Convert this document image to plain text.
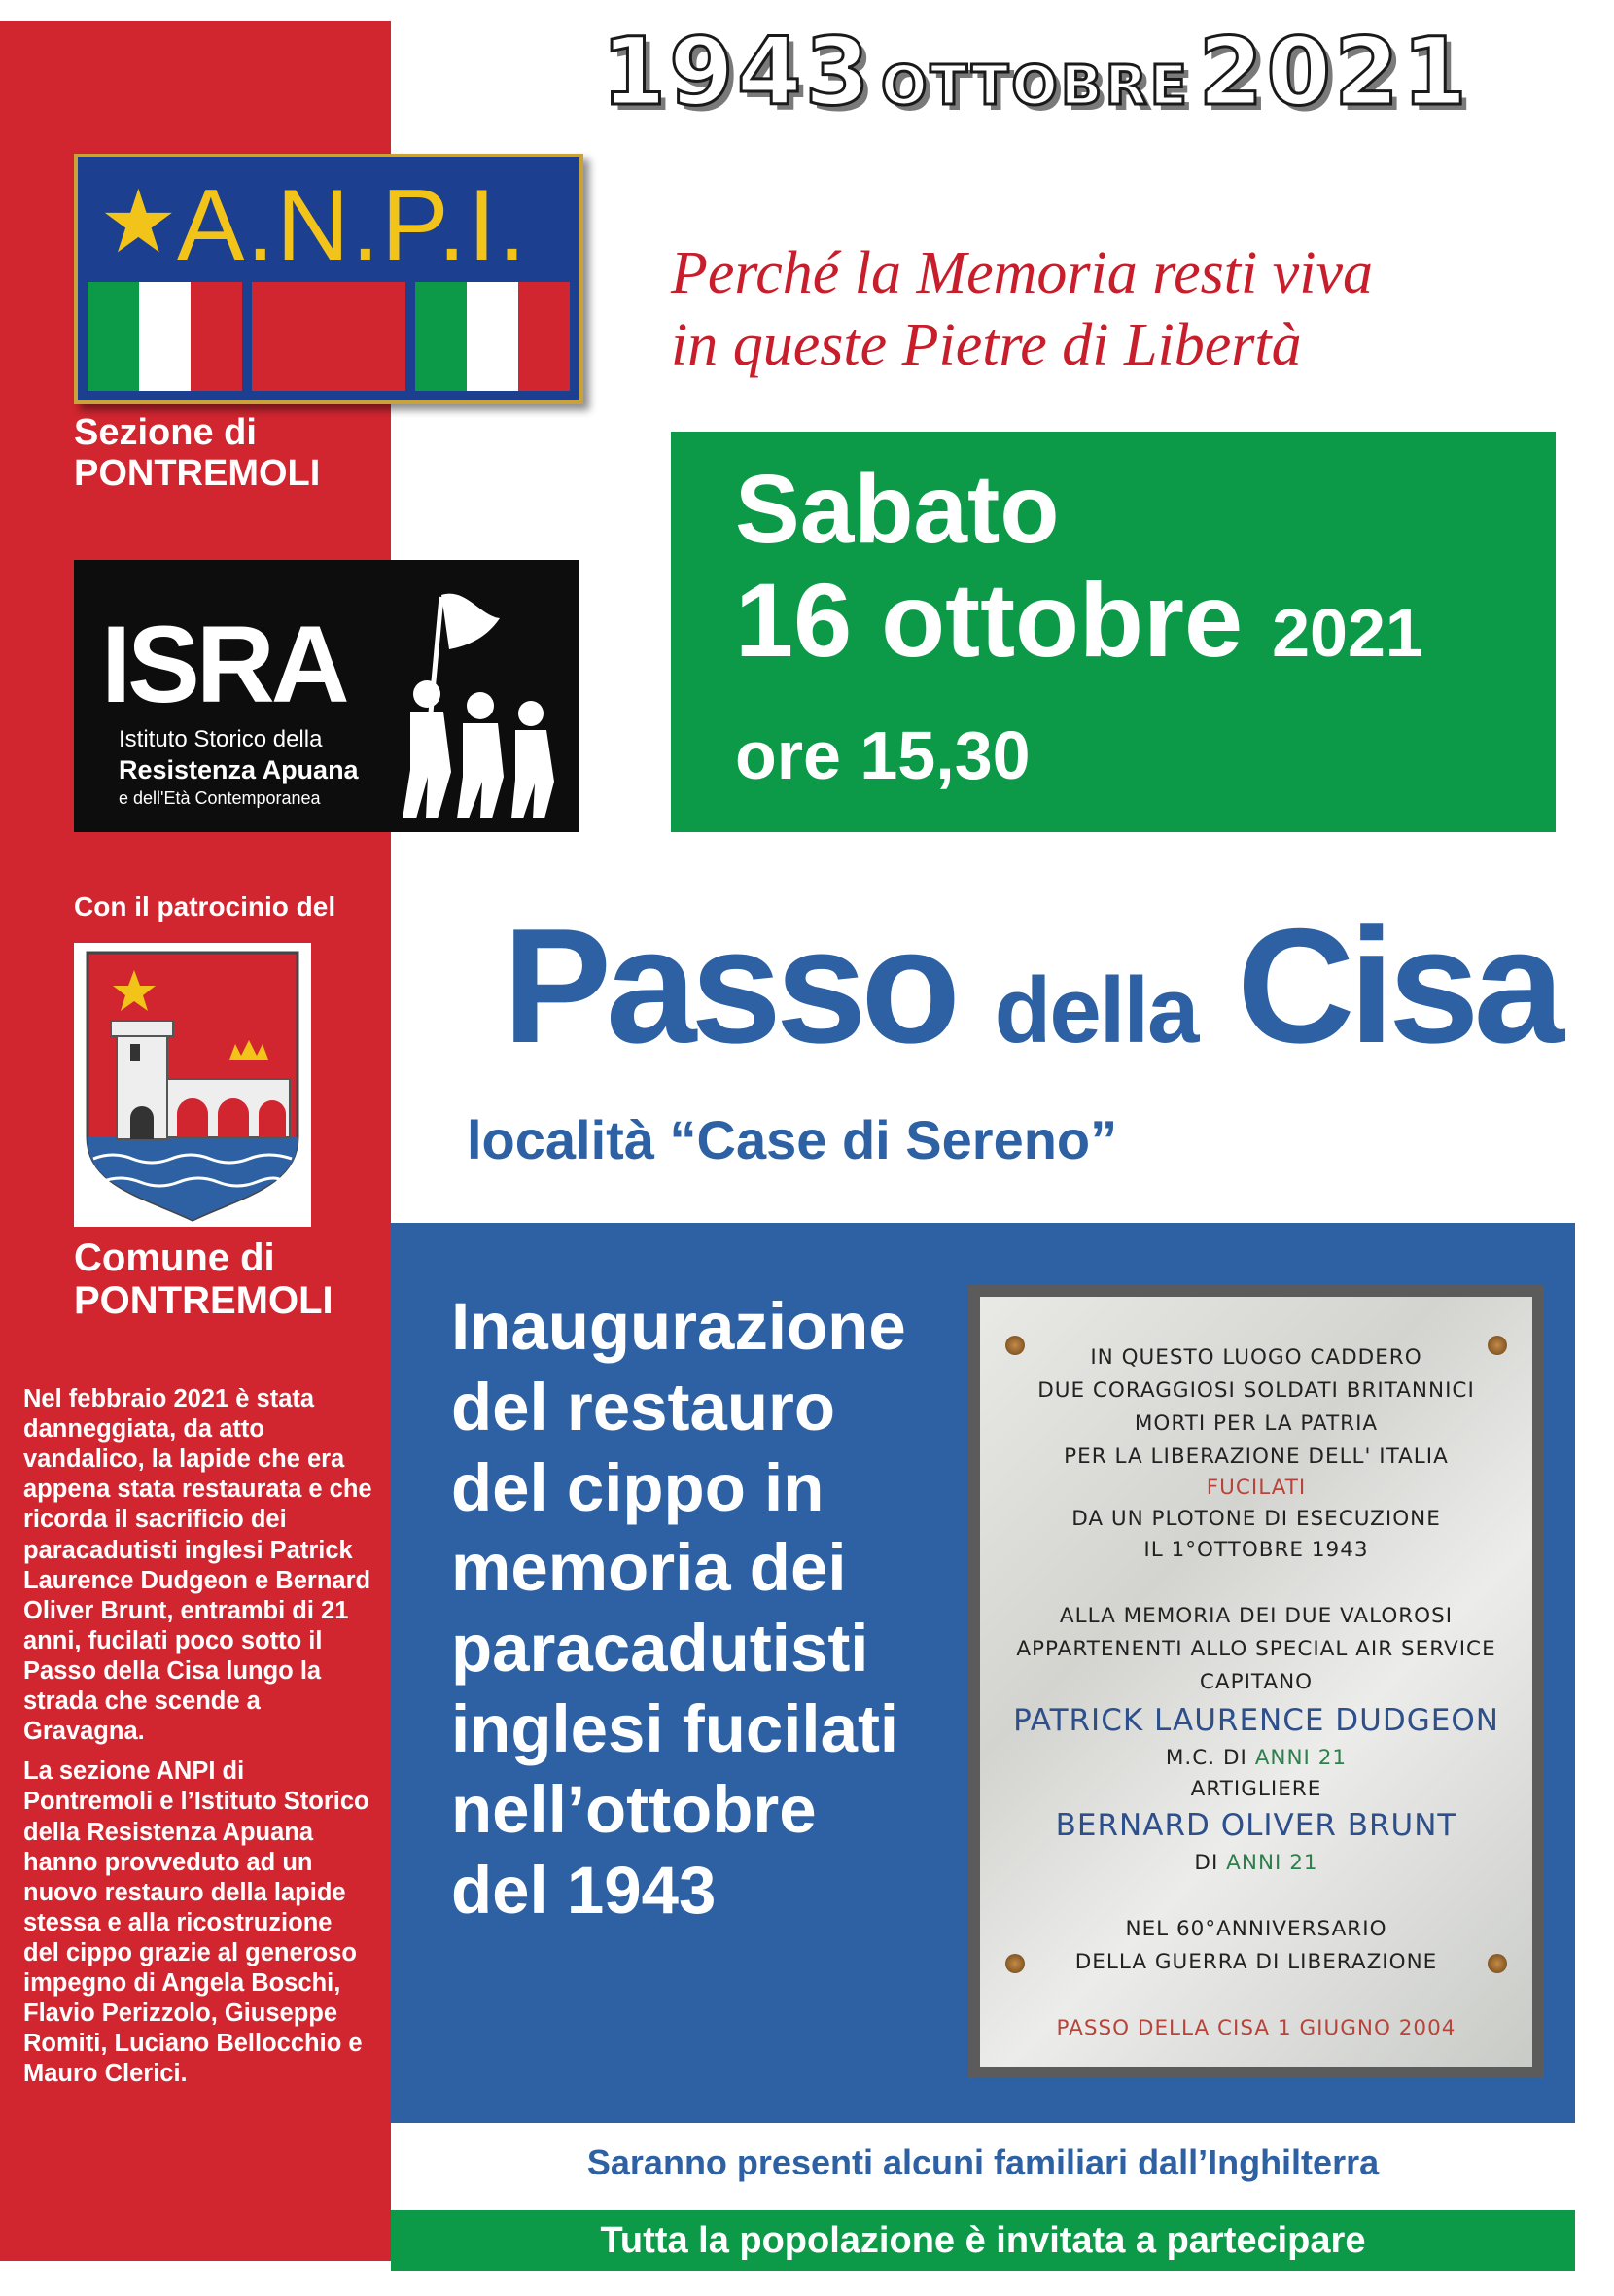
1943 OTTOBRE 2021
★ A.N.P.I.
Sezione di
PONTREMOLI
ISRA
Istituto Storico della
Resistenza Apuana
e dell'Età Contemporanea
Con il patrocinio del
Comune di
PONTREMOLI

Nel febbraio 2021 è stata danneggiata, da atto vandalico, la lapide che era appena stata restaurata e che ricorda il sacrificio dei paracadutisti inglesi Patrick Laurence Dudgeon e Bernard Oliver Brunt, entrambi di 21 anni, fucilati poco sotto il Passo della Cisa lungo la strada che scende a Gravagna.

La sezione ANPI di Pontremoli e l’Istituto Storico della Resistenza Apuana hanno provveduto ad un nuovo restauro della lapide stessa e alla ricostruzione del cippo grazie al generoso impegno di Angela Boschi, Flavio Perizzolo, Giuseppe Romiti, Luciano Bellocchio e Mauro Clerici.

Perché la Memoria resti viva
in queste Pietre di Libertà
Sabato
16 ottobre 2021
ore 15,30
Passo della Cisa
località “Case di Sereno”
Inaugurazione
del restauro
del cippo in
memoria dei
paracadutisti
inglesi fucilati
nell’ottobre
del 1943
IN QUESTO LUOGO CADDERO
DUE CORAGGIOSI SOLDATI BRITANNICI
MORTI PER LA PATRIA
PER LA LIBERAZIONE DELL' ITALIA
FUCILATI
DA UN PLOTONE DI ESECUZIONE
IL 1°OTTOBRE 1943
ALLA MEMORIA DEI DUE VALOROSI
APPARTENENTI ALLO SPECIAL AIR SERVICE
CAPITANO
PATRICK LAURENCE DUDGEON
M.C. DI ANNI 21
ARTIGLIERE
BERNARD OLIVER BRUNT
DI ANNI 21
NEL 60°ANNIVERSARIO
DELLA GUERRA DI LIBERAZIONE
PASSO DELLA CISA 1 GIUGNO 2004
Saranno presenti alcuni familiari dall’Inghilterra
Tutta la popolazione è invitata a partecipare
